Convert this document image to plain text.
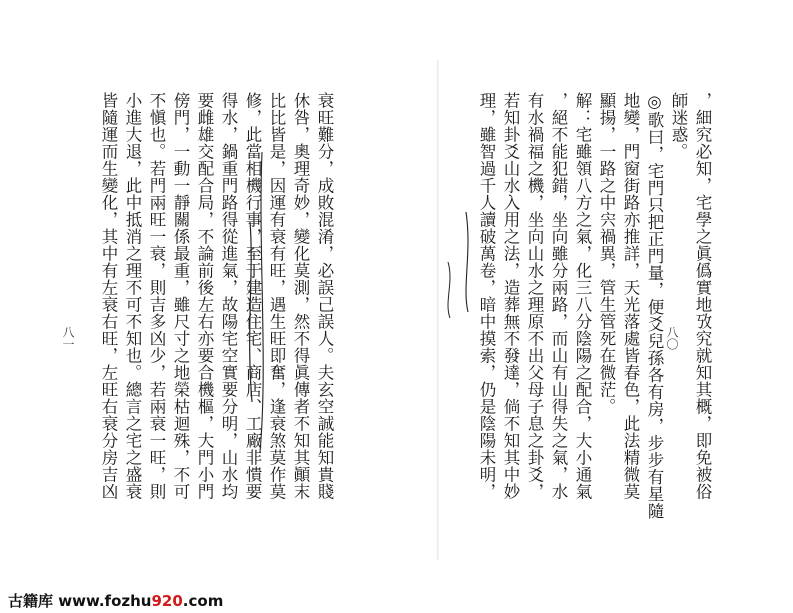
八〇 ，細究必知，宅學之眞僞實地攷究就知其概，即免被俗
師迷惑。
◎歌曰，宅門只把正門量，便爻兒孫各有房，步步有星隨
地變，門窗街路亦推詳，天光落處皆春色，此法精微莫
顯揚，一路之中宍禍異，管生管死在微茫。
解：宅雖領八方之氣，化三八分陰陽之配合，大小通氣
，絕不能犯錯，坐向雖分兩路，而山有山得失之氣，水
有水禍福之機，坐向山水之理原不出父母子息之卦爻，
若知卦爻山水入用之法，造葬無不發達，倘不知其中妙
理，雖智過千人讀破萬卷，暗中摸索，仍是陰陽未明，
八一	衰旺難分，成敗混淆，必誤己誤人。夫玄空誠能知貴賤
休咎，奧理奇妙，變化莫測，然不得眞傳者不知其顚末
比比皆是，因運有衰有旺，遇生旺即奮，逢衰煞莫作莫
修，此當相機行事，至于建造住宅、商店、工廠非憒要
得水，鍋重門路得從進氣，故陽宅空實要分明，山水均
要雌雄交配合局，不論前後左右亦要合機樞，大門小門
傍門，一動一靜關係最重，雖尺寸之地榮枯迴殊，不可
不愼也。若門兩旺一衰，則吉多凶少，若兩衰一旺，則
小進大退，此中抵消之理不可不知也。總言之宅之盛衰
皆隨運而生變化，其中有左衰右旺，左旺右衰分房吉凶
古籍库 www.fozhu920.com
